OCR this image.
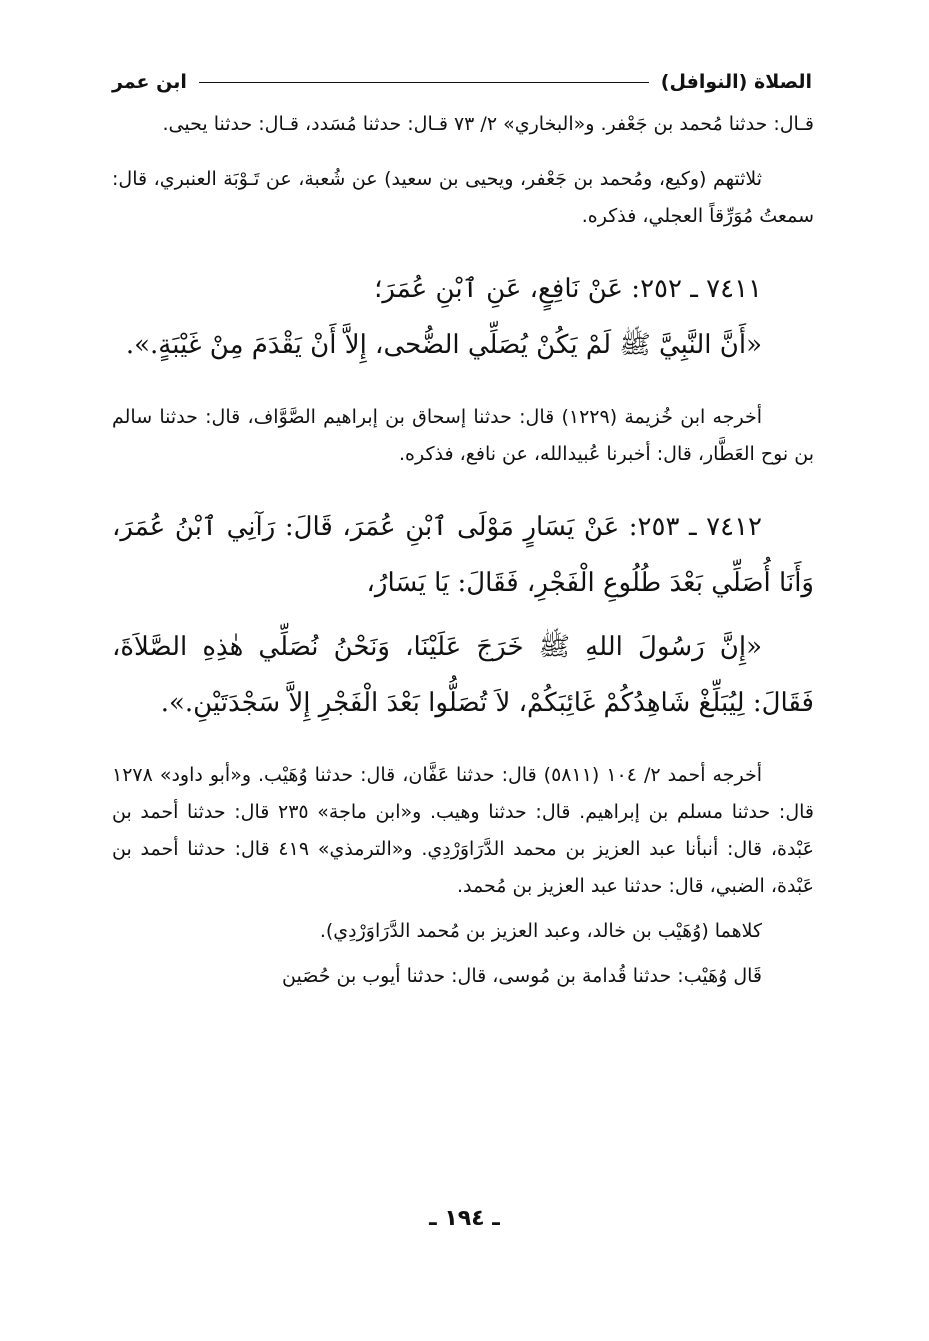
الصلاة (النوافل)
ابن عمر

قـال: حدثنا مُحمد بن جَعْفر. و«البخاري» ٢/ ٧٣ قـال: حدثنا مُسَدد، قـال: حدثنا يحيى.

ثلاثتهم (وكيع، ومُحمد بن جَعْفر، ويحيى بن سعيد) عن شُعبة، عن تَـوْبَة العنبري، قال: سمعتُ مُوَرِّقاً العجلي، فذكره.

٧٤١١ ـ ٢٥٢: عَنْ نَافِعٍ، عَنِ ٱبْنِ عُمَرَ؛

«أَنَّ النَّبِيَّ ﷺ لَمْ يَكُنْ يُصَلِّي الضُّحى، إِلاَّ أَنْ يَقْدَمَ مِنْ غَيْبَةٍ.».

أخرجه ابن خُزيمة (١٢٢٩) قال: حدثنا إسحاق بن إبراهيم الصَّوَّاف، قال: حدثنا سالم بن نوح العَطَّار، قال: أخبرنا عُبيدالله، عن نافع، فذكره.

٧٤١٢ ـ ٢٥٣: عَنْ يَسَارٍ مَوْلَى ٱبْنِ عُمَرَ، قَالَ: رَآنِي ٱبْنُ عُمَرَ، وَأَنَا أُصَلِّي بَعْدَ طُلُوعِ الْفَجْرِ، فَقَالَ: يَا يَسَارُ،

«إِنَّ رَسُولَ اللهِ ﷺ خَرَجَ عَلَيْنَا، وَنَحْنُ نُصَلِّي هٰذِهِ الصَّلاَةَ، فَقَالَ: لِيُبَلِّغْ شَاهِدُكُمْ غَائِبَكُمْ، لاَ تُصَلُّوا بَعْدَ الْفَجْرِ إِلاَّ سَجْدَتَيْنِ.».

أخرجه أحمد ٢/ ١٠٤ (٥٨١١) قال: حدثنا عَفَّان، قال: حدثنا وُهَيْب. و«أبو داود» ١٢٧٨ قال: حدثنا مسلم بن إبراهيم. قال: حدثنا وهيب. و«ابن ماجة» ٢٣٥ قال: حدثنا أحمد بن عَبْدة، قال: أنبأنا عبد العزيز بن محمد الدَّرَاوَرْدِي. و«الترمذي» ٤١٩ قال: حدثنا أحمد بن عَبْدة، الضبي، قال: حدثنا عبد العزيز بن مُحمد.

كلاهما (وُهَيْب بن خالد، وعبد العزيز بن مُحمد الدَّرَاوَرْدِي).

قَال وُهَيْب: حدثنا قُدامة بن مُوسى، قال: حدثنا أيوب بن حُصَين

ـ ١٩٤ ـ
